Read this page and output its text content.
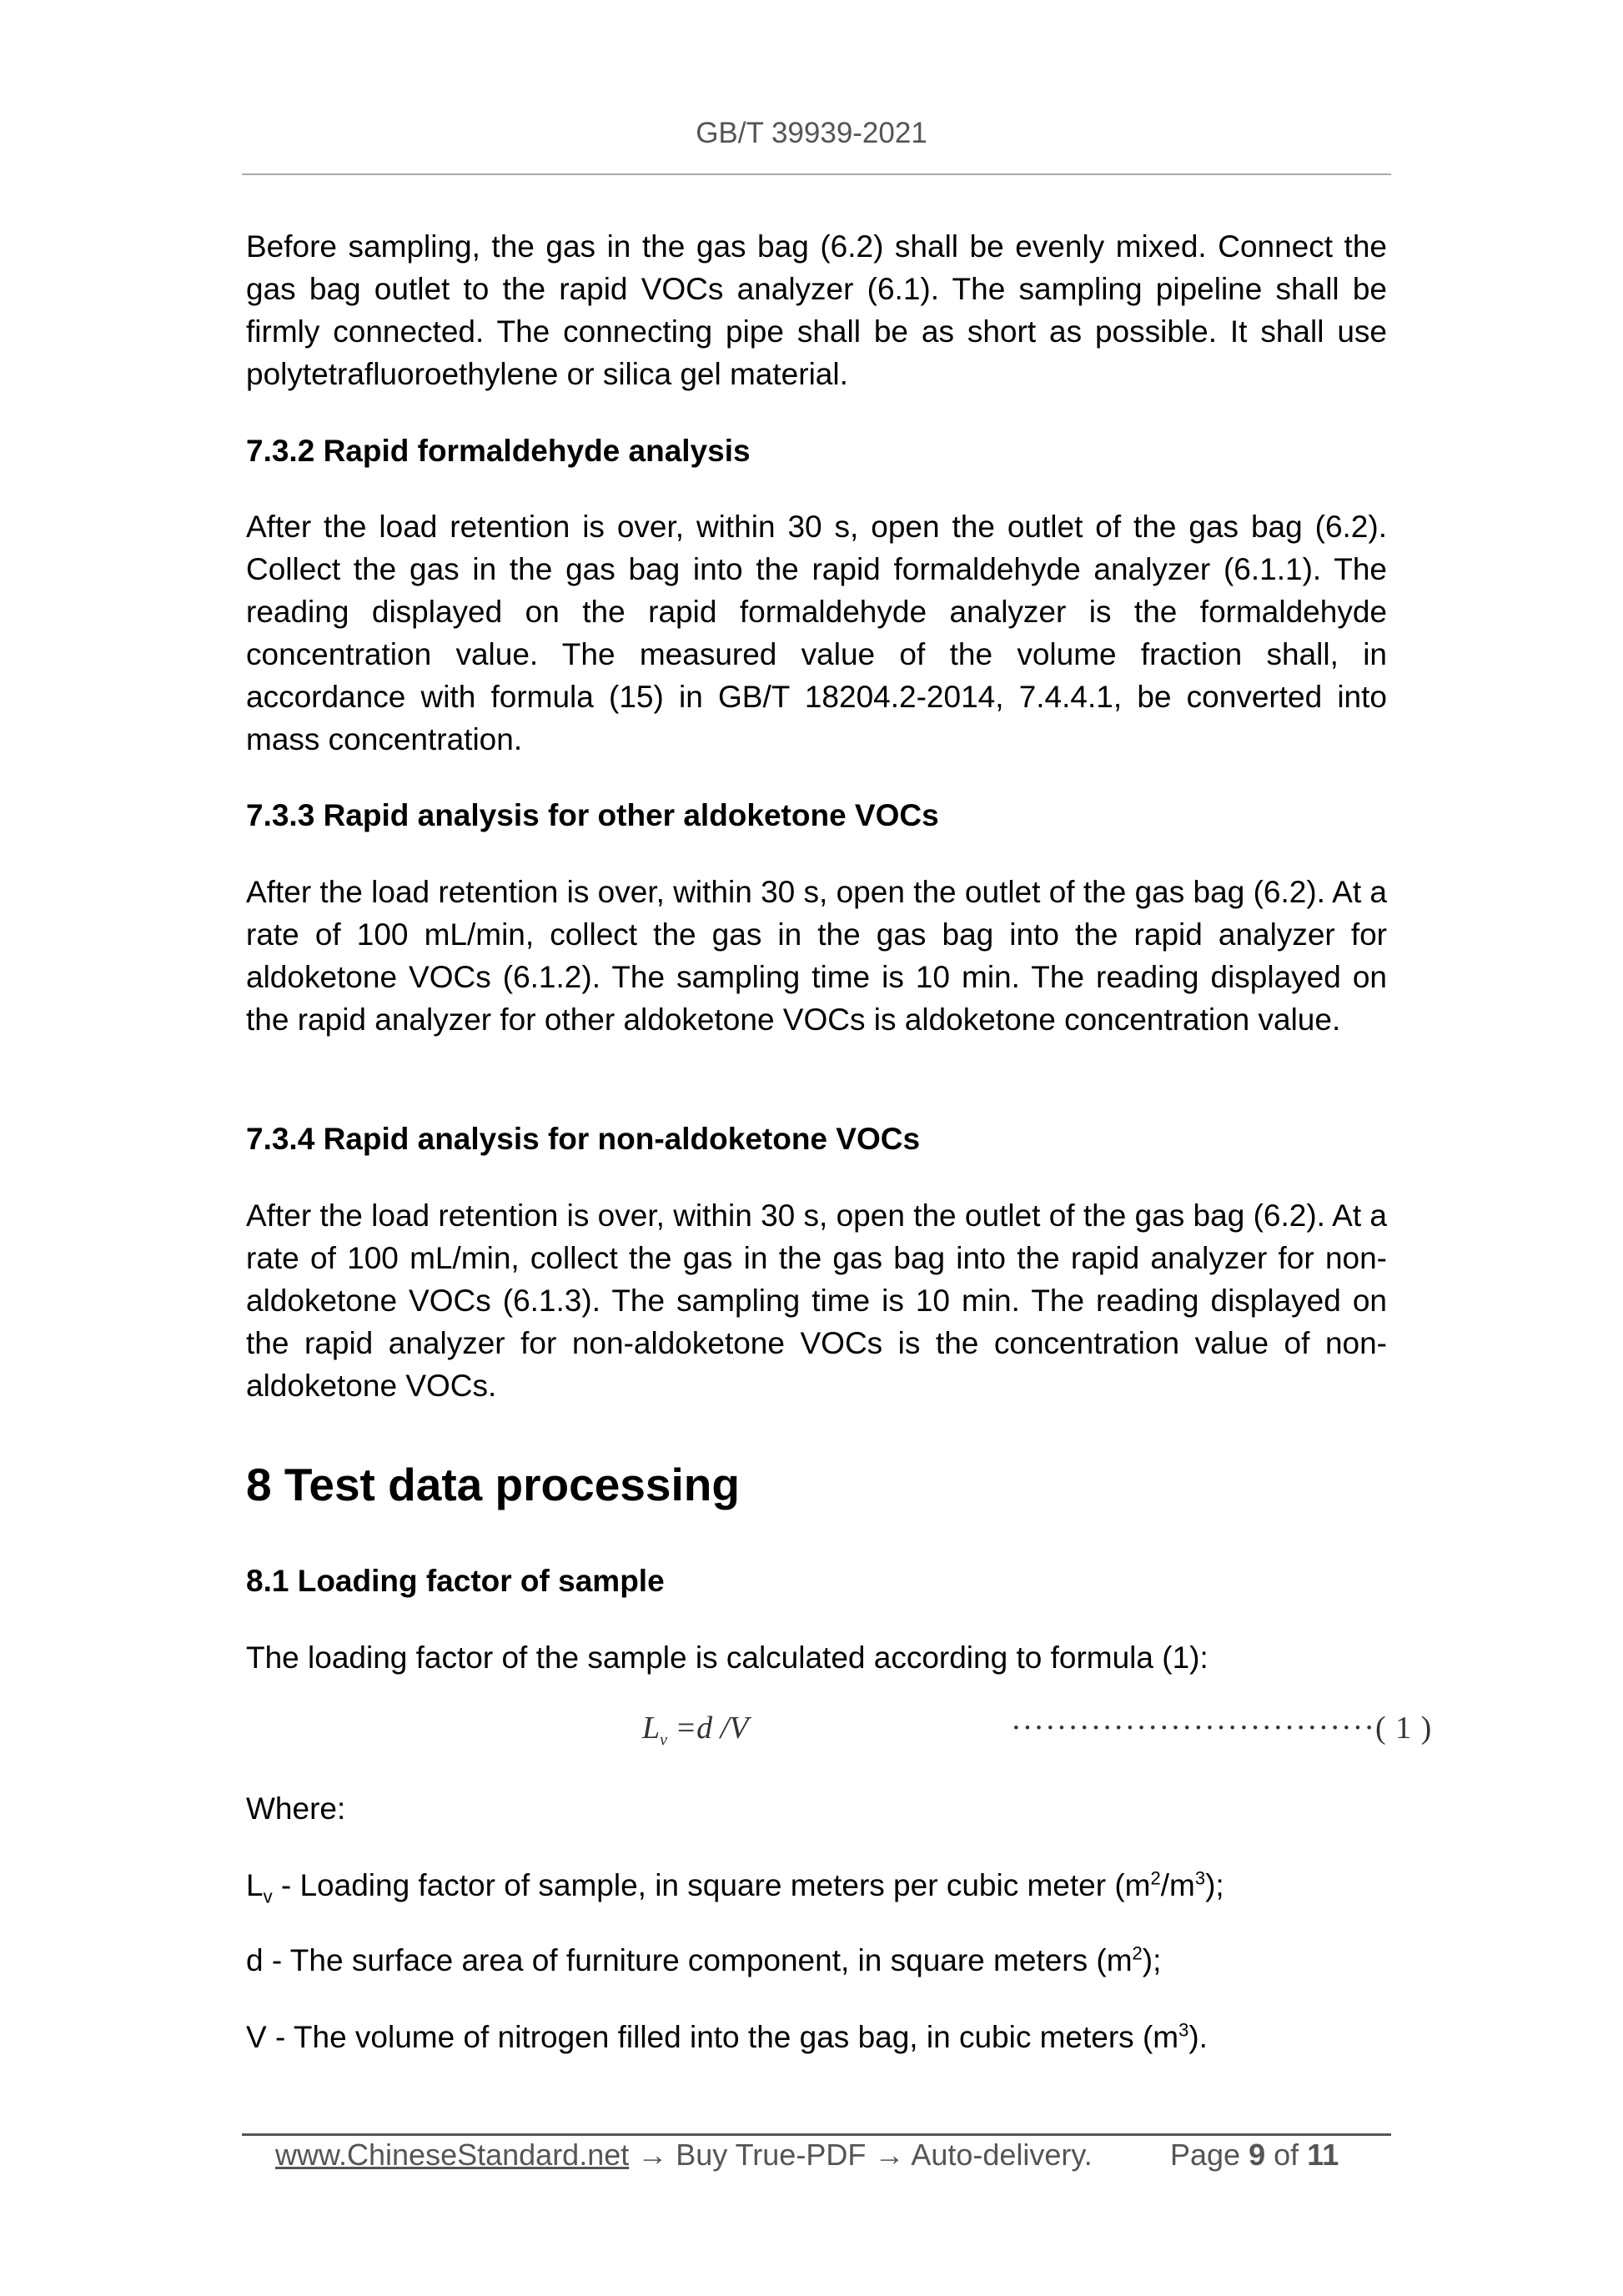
GB/T 39939-2021

Before sampling, the gas in the gas bag (6.2) shall be evenly mixed. Connect the gas bag outlet to the rapid VOCs analyzer (6.1). The sampling pipeline shall be firmly connected. The connecting pipe shall be as short as possible. It shall use polytetrafluoroethylene or silica gel material.

7.3.2 Rapid formaldehyde analysis

After the load retention is over, within 30 s, open the outlet of the gas bag (6.2). Collect the gas in the gas bag into the rapid formaldehyde analyzer (6.1.1). The reading displayed on the rapid formaldehyde analyzer is the formaldehyde concentration value. The measured value of the volume fraction shall, in accordance with formula (15) in GB/T 18204.2-2014, 7.4.4.1, be converted into mass concentration.

7.3.3 Rapid analysis for other aldoketone VOCs

After the load retention is over, within 30 s, open the outlet of the gas bag (6.2). At a rate of 100 mL/min, collect the gas in the gas bag into the rapid analyzer for aldoketone VOCs (6.1.2). The sampling time is 10 min. The reading displayed on the rapid analyzer for other aldoketone VOCs is aldoketone concentration value.

7.3.4 Rapid analysis for non-aldoketone VOCs

After the load retention is over, within 30 s, open the outlet of the gas bag (6.2). At a rate of 100 mL/min, collect the gas in the gas bag into the rapid analyzer for non-aldoketone VOCs (6.1.3). The sampling time is 10 min. The reading displayed on the rapid analyzer for non-aldoketone VOCs is the concentration value of non-aldoketone VOCs.

8 Test data processing

8.1 Loading factor of sample

The loading factor of the sample is calculated according to formula (1):

$L_v =d$ /V	································( 1 )

Where:

$L_v$ - Loading factor of sample, in square meters per cubic meter $(m^2/m^3)$;

d - The surface area of furniture component, in square meters $(m^2)$;

V - The volume of nitrogen filled into the gas bag, in cubic meters $(m^3)$.

www.ChineseStandard.net → Buy True-PDF → Auto-delivery.	Page 9 of 11
